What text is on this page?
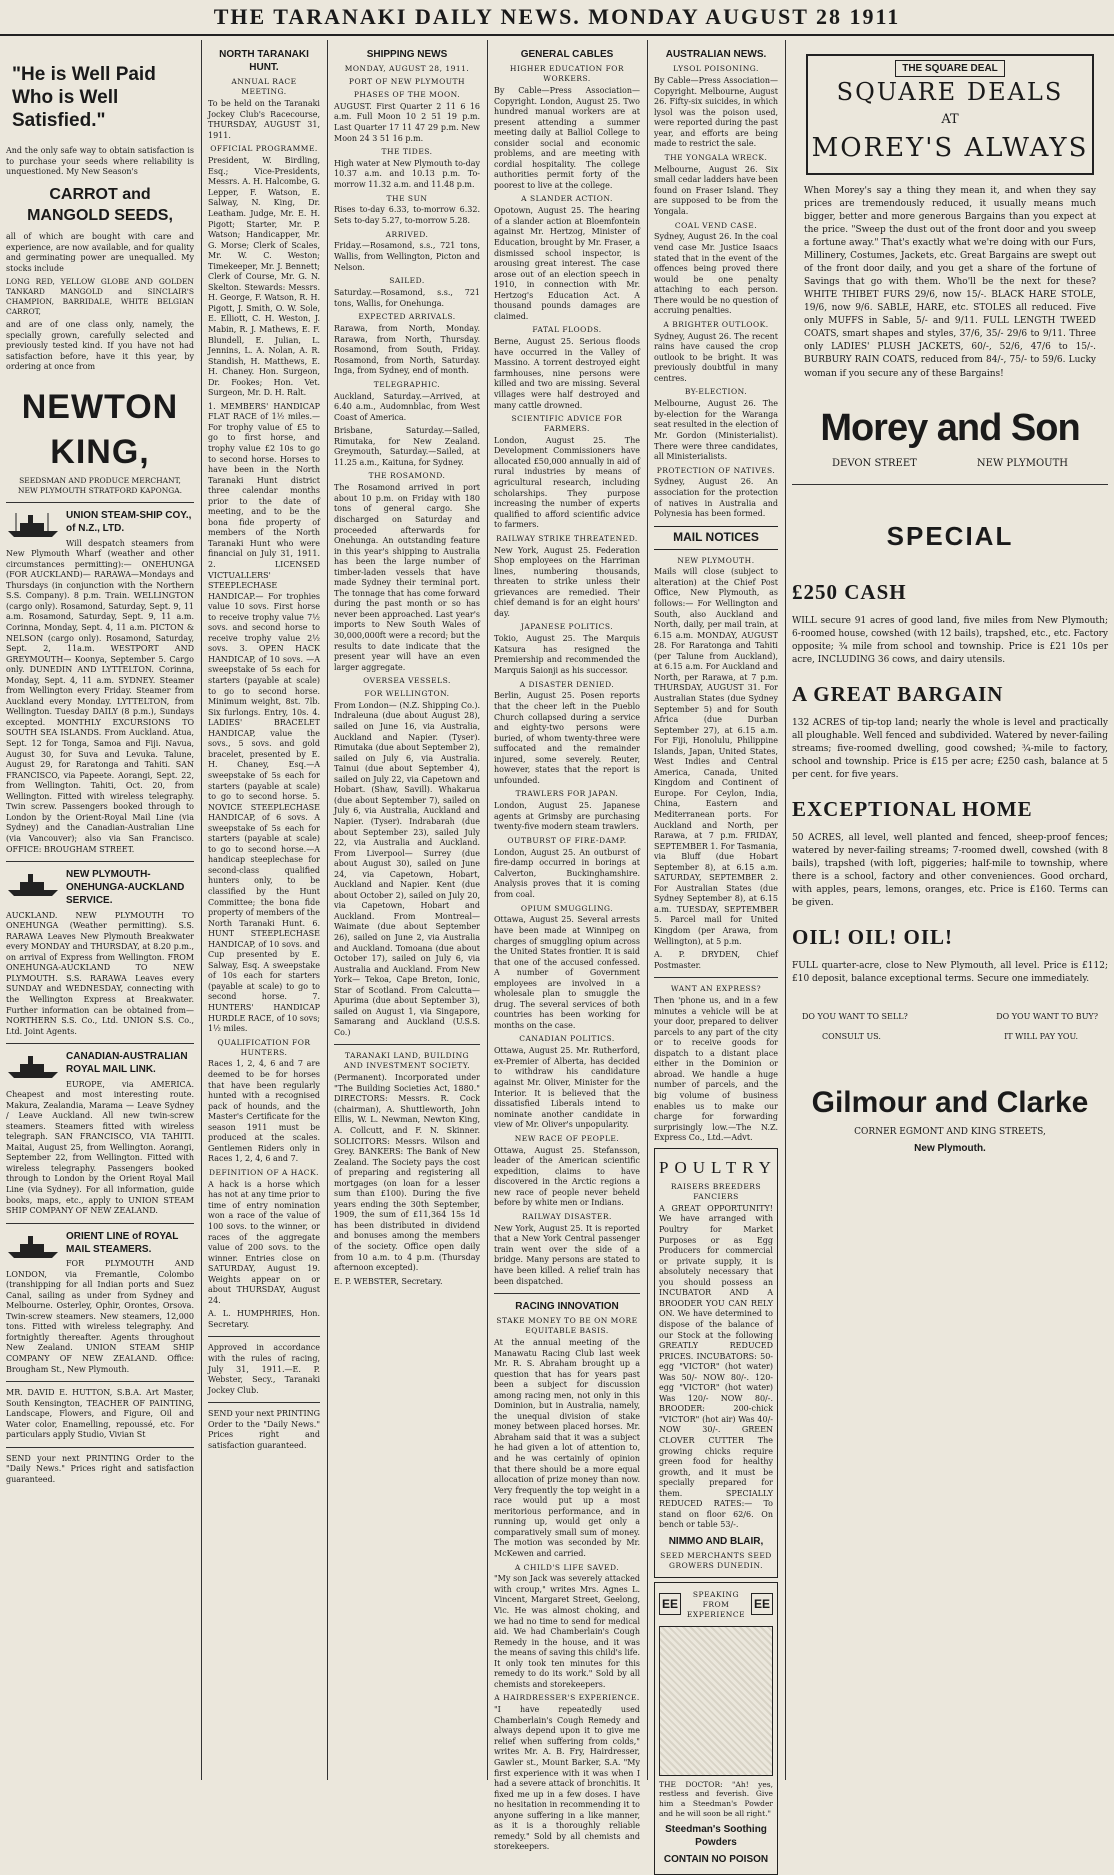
THE TARANAKI DAILY NEWS. MONDAY AUGUST 28 1911
"He is Well Paid Who is Well Satisfied."

And the only safe way to obtain satisfaction is to purchase your seeds where reliability is unquestioned. My New Season's

CARROT and MANGOLD SEEDS,

all of which are bought with care and experience, are now available, and for quality and germinating power are unequalled. My stocks include

LONG RED, YELLOW GLOBE AND GOLDEN TANKARD MANGOLD and SINCLAIR'S CHAMPION, BARRIDALE, WHITE BELGIAN CARROT,

and are of one class only, namely, the specially grown, carefully selected and previously tested kind. If you have not had satisfaction before, have it this year, by ordering at once from

NEWTON KING,
SEEDSMAN AND PRODUCE MERCHANT,
NEW PLYMOUTH STRATFORD KAPONGA.
UNION STEAM-SHIP COY., of N.Z., LTD.

Will despatch steamers from New Plymouth Wharf (weather and other circumstances permitting):— ONEHUNGA (FOR AUCKLAND)— RARAWA—Mondays and Thursdays (in conjunction with the Northern S.S. Company). 8 p.m. Train. WELLINGTON (cargo only). Rosamond, Saturday, Sept. 9, 11 a.m. Rosamond, Saturday, Sept. 9, 11 a.m. Corinna, Monday, Sept. 4, 11 a.m. PICTON & NELSON (cargo only). Rosamond, Saturday, Sept. 2, 11a.m. WESTPORT AND GREYMOUTH— Koonya, September 5. Cargo only. DUNEDIN AND LYTTELTON. Corinna, Monday, Sept. 4, 11 a.m. SYDNEY. Steamer from Wellington every Friday. Steamer from Auckland every Monday. LYTTELTON, from Wellington. Tuesday DAILY (8 p.m.), Sundays excepted. MONTHLY EXCURSIONS TO SOUTH SEA ISLANDS. From Auckland. Atua, Sept. 12 for Tonga, Samoa and Fiji. Navua, August 30, for Suva and Levuka. Talune, August 29, for Raratonga and Tahiti. SAN FRANCISCO, via Papeete. Aorangi, Sept. 22, from Wellington. Tahiti, Oct. 20, from Wellington. Fitted with wireless telegraphy. Twin screw. Passengers booked through to London by the Orient-Royal Mail Line (via Sydney) and the Canadian-Australian Line (via Vancouver); also via San Francisco. OFFICE: BROUGHAM STREET.

NEW PLYMOUTH-ONEHUNGA-AUCKLAND SERVICE.

AUCKLAND. NEW PLYMOUTH TO ONEHUNGA (Weather permitting). S.S. RARAWA Leaves New Plymouth Breakwater every MONDAY and THURSDAY, at 8.20 p.m., on arrival of Express from Wellington. FROM ONEHUNGA-AUCKLAND TO NEW PLYMOUTH. S.S. RARAWA Leaves every SUNDAY and WEDNESDAY, connecting with the Wellington Express at Breakwater. Further information can be obtained from— NORTHERN S.S. Co., Ltd. UNION S.S. Co., Ltd. Joint Agents.

CANADIAN-AUSTRALIAN ROYAL MAIL LINK.

EUROPE, via AMERICA. Cheapest and most interesting route. Makura, Zealandia, Marama — Leave Sydney / Leave Auckland. All new twin-screw steamers. Steamers fitted with wireless telegraph. SAN FRANCISCO, VIA TAHITI. Maitai, August 25, from Wellington. Aorangi, September 22, from Wellington. Fitted with wireless telegraphy. Passengers booked through to London by the Orient Royal Mail Line (via Sydney). For all information, guide books, maps, etc., apply to UNION STEAM SHIP COMPANY OF NEW ZEALAND.

ORIENT LINE of ROYAL MAIL STEAMERS.

FOR PLYMOUTH AND LONDON, via Fremantle, Colombo (transhipping for all Indian ports and Suez Canal, sailing as under from Sydney and Melbourne. Osterley, Ophir, Orontes, Orsova. Twin-screw steamers. New steamers, 12,000 tons. Fitted with wireless telegraphy. And fortnightly thereafter. Agents throughout New Zealand. UNION STEAM SHIP COMPANY OF NEW ZEALAND. Office: Brougham St., New Plymouth.

MR. DAVID E. HUTTON, S.B.A. Art Master, South Kensington, TEACHER OF PAINTING, Landscape, Flowers, and Figure, Oil and Water color, Enamelling, repoussé, etc. For particulars apply Studio, Vivian St

SEND your next PRINTING Order to the "Daily News." Prices right and satisfaction guaranteed.

NORTH TARANAKI HUNT.
ANNUAL RACE MEETING.

To be held on the Taranaki Jockey Club's Racecourse, THURSDAY, AUGUST 31, 1911.

OFFICIAL PROGRAMME.

President, W. Birdling, Esq.; Vice-Presidents, Messrs. A. H. Halcombe, G. Lepper, F. Watson, E. Salway, N. King, Dr. Leatham. Judge, Mr. E. H. Pigott; Starter, Mr. P. Watson; Handicapper, Mr. G. Morse; Clerk of Scales, Mr. W. C. Weston; Timekeeper, Mr. J. Bennett; Clerk of Course, Mr. G. N. Skelton. Stewards: Messrs. H. George, F. Watson, R. H. Pigott, J. Smith, O. W. Sole, E. Elliott, C. H. Weston, J. Mabin, R. J. Mathews, E. F. Blundell, E. Julian, L. Jennins, L. A. Nolan, A. R. Standish, H. Matthews, E. H. Chaney. Hon. Surgeon, Dr. Fookes; Hon. Vet. Surgeon, Mr. D. H. Ralt.

1. MEMBERS' HANDICAP FLAT RACE of 1½ miles.— For trophy value of £5 to go to first horse, and trophy value £2 10s to go to second horse. Horses to have been in the North Taranaki Hunt district three calendar months prior to the date of meeting, and to be the bona fide property of members of the North Taranaki Hunt who were financial on July 31, 1911. 2. LICENSED VICTUALLERS' STEEPLECHASE HANDICAP.— For trophies value 10 sovs. First horse to receive trophy value 7½ sovs. and second horse to receive trophy value 2½ sovs. 3. OPEN HACK HANDICAP, of 10 sovs. —A sweepstake of 5s each for starters (payable at scale) to go to second horse. Minimum weight, 8st. 7lb. Six furlongs. Entry, 10s. 4. LADIES' BRACELET HANDICAP, value the sovs., 5 sovs. and gold bracelet, presented by E. H. Chaney, Esq.—A sweepstake of 5s each for starters (payable at scale) to go to second horse. 5. NOVICE STEEPLECHASE HANDICAP, of 6 sovs. A sweepstake of 5s each for starters (payable at scale) to go to second horse.—A handicap steeplechase for second-class qualified hunters only, to be classified by the Hunt Committee; the bona fide property of members of the North Taranaki Hunt. 6. HUNT STEEPLECHASE HANDICAP, of 10 sovs. and Cup presented by E. Salway, Esq. A sweepstake of 10s each for starters (payable at scale) to go to second horse. 7. HUNTERS' HANDICAP HURDLE RACE, of 10 sovs; 1½ miles.

QUALIFICATION FOR HUNTERS.

Races 1, 2, 4, 6 and 7 are deemed to be for horses that have been regularly hunted with a recognised pack of hounds, and the Master's Certificate for the season 1911 must be produced at the scales. Gentlemen Riders only in Races 1, 2, 4, 6 and 7.

DEFINITION OF A HACK.

A hack is a horse which has not at any time prior to time of entry nomination won a race of the value of 100 sovs. to the winner, or races of the aggregate value of 200 sovs. to the winner. Entries close on SATURDAY, August 19. Weights appear on or about THURSDAY, August 24.

A. L. HUMPHRIES, Hon. Secretary.

Approved in accordance with the rules of racing, July 31, 1911.—E. P. Webster, Secy., Taranaki Jockey Club.

SEND your next PRINTING Order to the "Daily News." Prices right and satisfaction guaranteed.

SHIPPING NEWS
MONDAY, AUGUST 28, 1911.
PORT OF NEW PLYMOUTH
PHASES OF THE MOON.

AUGUST. First Quarter 2 11 6 16 a.m. Full Moon 10 2 51 19 p.m. Last Quarter 17 11 47 29 p.m. New Moon 24 3 51 16 p.m.

THE TIDES.

High water at New Plymouth to-day 10.37 a.m. and 10.13 p.m. To-morrow 11.32 a.m. and 11.48 p.m.

THE SUN

Rises to-day 6.33, to-morrow 6.32. Sets to-day 5.27, to-morrow 5.28.

ARRIVED.

Friday.—Rosamond, s.s., 721 tons, Wallis, from Wellington, Picton and Nelson.

SAILED.

Saturday.—Rosamond, s.s., 721 tons, Wallis, for Onehunga.

EXPECTED ARRIVALS.

Rarawa, from North, Monday. Rarawa, from North, Thursday. Rosamond, from South, Friday. Rosamond, from North, Saturday. Inga, from Sydney, end of month.

TELEGRAPHIC.

Auckland, Saturday.—Arrived, at 6.40 a.m., Audomnblac, from West Coast of America.

Brisbane, Saturday.—Sailed, Rimutaka, for New Zealand. Greymouth, Saturday.—Sailed, at 11.25 a.m., Kaituna, for Sydney.

THE ROSAMOND.

The Rosamond arrived in port about 10 p.m. on Friday with 180 tons of general cargo. She discharged on Saturday and proceeded afterwards for Onehunga. An outstanding feature in this year's shipping to Australia has been the large number of timber-laden vessels that have made Sydney their terminal port. The tonnage that has come forward during the past month or so has never been approached. Last year's imports to New South Wales of 30,000,000ft were a record; but the results to date indicate that the present year will have an even larger aggregate.

OVERSEA VESSELS.
FOR WELLINGTON.

From London— (N.Z. Shipping Co.). Indraleuna (due about August 28), sailed on June 16, via Australia, Auckland and Napier. (Tyser). Rimutaka (due about September 2), sailed on July 6, via Australia. Tainui (due about September 4), sailed on July 22, via Capetown and Hobart. (Shaw, Savill). Whakarua (due about September 7), sailed on July 6, via Australia, Auckland and Napier. (Tyser). Indrabarah (due about September 23), sailed July 22, via Australia and Auckland. From Liverpool— Surrey (due about August 30), sailed on June 24, via Capetown, Hobart, Auckland and Napier. Kent (due about October 2), sailed on July 20, via Capetown, Hobart and Auckland. From Montreal— Waimate (due about September 26), sailed on June 2, via Australia and Auckland. Tomoana (due about October 17), sailed on July 6, via Australia and Auckland. From New York— Tekoa, Cape Breton, Ionic, Star of Scotland. From Calcutta— Apurima (due about September 3), sailed on August 1, via Singapore, Samarang and Auckland (U.S.S. Co.)

TARANAKI LAND, BUILDING AND INVESTMENT SOCIETY.

(Permanent). Incorporated under "The Building Societies Act, 1880." DIRECTORS: Messrs. R. Cock (chairman), A. Shuttleworth, John Ellis, W. L. Newman, Newton King, A. Collcutt, and F. N. Skinner. SOLICITORS: Messrs. Wilson and Grey. BANKERS: The Bank of New Zealand. The Society pays the cost of preparing and registering all mortgages (on loan for a lesser sum than £100). During the five years ending the 30th September, 1909, the sum of £11,364 15s 1d has been distributed in dividend and bonuses among the members of the society. Office open daily from 10 a.m. to 4 p.m. (Thursday afternoon excepted).

E. P. WEBSTER, Secretary.

GENERAL CABLES
HIGHER EDUCATION FOR WORKERS.

By Cable—Press Association—Copyright. London, August 25. Two hundred manual workers are at present attending a summer meeting daily at Balliol College to consider social and economic problems, and are meeting with cordial hospitality. The college authorities permit forty of the poorest to live at the college.

A SLANDER ACTION.

Opotown, August 25. The hearing of a slander action at Bloemfontein against Mr. Hertzog, Minister of Education, brought by Mr. Fraser, a dismissed school inspector, is arousing great interest. The case arose out of an election speech in 1910, in connection with Mr. Hertzog's Education Act. A thousand pounds damages are claimed.

FATAL FLOODS.

Berne, August 25. Serious floods have occurred in the Valley of Massino. A torrent destroyed eight farmhouses, nine persons were killed and two are missing. Several villages were half destroyed and many cattle drowned.

SCIENTIFIC ADVICE FOR FARMERS.

London, August 25. The Development Commissioners have allocated £50,000 annually in aid of rural industries by means of agricultural research, including scholarships. They purpose increasing the number of experts qualified to afford scientific advice to farmers.

RAILWAY STRIKE THREATENED.

New York, August 25. Federation Shop employees on the Harriman lines, numbering thousands, threaten to strike unless their grievances are remedied. Their chief demand is for an eight hours' day.

JAPANESE POLITICS.

Tokio, August 25. The Marquis Katsura has resigned the Premiership and recommended the Marquis Saionji as his successor.

A DISASTER DENIED.

Berlin, August 25. Posen reports that the cheer left in the Pueblo Church collapsed during a service and eighty-two persons were buried, of whom twenty-three were suffocated and the remainder injured, some severely. Reuter, however, states that the report is unfounded.

TRAWLERS FOR JAPAN.

London, August 25. Japanese agents at Grimsby are purchasing twenty-five modern steam trawlers.

OUTBURST OF FIRE-DAMP.

London, August 25. An outburst of fire-damp occurred in borings at Calverton, Buckinghamshire. Analysis proves that it is coming from coal.

OPIUM SMUGGLING.

Ottawa, August 25. Several arrests have been made at Winnipeg on charges of smuggling opium across the United States frontier. It is said that one of the accused confessed. A number of Government employees are involved in a wholesale plan to smuggle the drug. The several services of both countries has been working for months on the case.

CANADIAN POLITICS.

Ottawa, August 25. Mr. Rutherford, ex-Premier of Alberta, has decided to withdraw his candidature against Mr. Oliver, Minister for the Interior. It is believed that the dissatisfied Liberals intend to nominate another candidate in view of Mr. Oliver's unpopularity.

NEW RACE OF PEOPLE.

Ottawa, August 25. Stefansson, leader of the American scientific expedition, claims to have discovered in the Arctic regions a new race of people never beheld before by white men or Indians.

RAILWAY DISASTER.

New York, August 25. It is reported that a New York Central passenger train went over the side of a bridge. Many persons are stated to have been killed. A relief train has been dispatched.

RACING INNOVATION
STAKE MONEY TO BE ON MORE EQUITABLE BASIS.

At the annual meeting of the Manawatu Racing Club last week Mr. R. S. Abraham brought up a question that has for years past been a subject for discussion among racing men, not only in this Dominion, but in Australia, namely, the unequal division of stake money between placed horses. Mr. Abraham said that it was a subject he had given a lot of attention to, and he was certainly of opinion that there should be a more equal allocation of prize money than now. Very frequently the top weight in a race would put up a most meritorious performance, and in running up, would get only a comparatively small sum of money. The motion was seconded by Mr. McKewen and carried.

A CHILD'S LIFE SAVED.

"My son Jack was severely attacked with croup," writes Mrs. Agnes L. Vincent, Margaret Street, Geelong, Vic. He was almost choking, and we had no time to send for medical aid. We had Chamberlain's Cough Remedy in the house, and it was the means of saving this child's life. It only took ten minutes for this remedy to do its work." Sold by all chemists and storekeepers.

A HAIRDRESSER'S EXPERIENCE.

"I have repeatedly used Chamberlain's Cough Remedy and always depend upon it to give me relief when suffering from colds," writes Mr. A. B. Fry, Hairdresser, Gawler st., Mount Barker, S.A. "My first experience with it was when I had a severe attack of bronchitis. It fixed me up in a few doses. I have no hesitation in recommending it to anyone suffering in a like manner, as it is a thoroughly reliable remedy." Sold by all chemists and storekeepers.

AUSTRALIAN NEWS.
LYSOL POISONING.

By Cable—Press Association—Copyright. Melbourne, August 26. Fifty-six suicides, in which lysol was the poison used, were reported during the past year, and efforts are being made to restrict the sale.

THE YONGALA WRECK.

Melbourne, August 26. Six small cedar ladders have been found on Fraser Island. They are supposed to be from the Yongala.

COAL VEND CASE.

Sydney, August 26. In the coal vend case Mr. Justice Isaacs stated that in the event of the offences being proved there would be one penalty attaching to each person. There would be no question of accruing penalties.

A BRIGHTER OUTLOOK.

Sydney, August 26. The recent rains have caused the crop outlook to be bright. It was previously doubtful in many centres.

BY-ELECTION.

Melbourne, August 26. The by-election for the Waranga seat resulted in the election of Mr. Gordon (Ministerialist). There were three candidates, all Ministerialists.

PROTECTION OF NATIVES.

Sydney, August 26. An association for the protection of natives in Australia and Polynesia has been formed.

MAIL NOTICES
NEW PLYMOUTH.

Mails will close (subject to alteration) at the Chief Post Office, New Plymouth, as follows:— For Wellington and South, also Auckland and North, daily, per mail train, at 6.15 a.m. MONDAY, AUGUST 28. For Raratonga and Tahiti (per Talune from Auckland), at 6.15 a.m. For Auckland and North, per Rarawa, at 7 p.m. THURSDAY, AUGUST 31. For Australian States (due Sydney September 5) and for South Africa (due Durban September 27), at 6.15 a.m. For Fiji, Honolulu, Philippine Islands, Japan, United States, West Indies and Central America, Canada, United Kingdom and Continent of Europe. For Ceylon, India, China, Eastern and Mediterranean ports. For Auckland and North, per Rarawa, at 7 p.m. FRIDAY, SEPTEMBER 1. For Tasmania, via Bluff (due Hobart September 8), at 6.15 a.m. SATURDAY, SEPTEMBER 2. For Australian States (due Sydney September 8), at 6.15 a.m. TUESDAY, SEPTEMBER 5. Parcel mail for United Kingdom (per Arawa, from Wellington), at 5 p.m.

A. P. DRYDEN, Chief Postmaster.

WANT AN EXPRESS?

Then 'phone us, and in a few minutes a vehicle will be at your door, prepared to deliver parcels to any part of the city or to receive goods for dispatch to a distant place either in the Dominion or abroad. We handle a huge number of parcels, and the big volume of business enables us to make our charge for forwarding surprisingly low.—The N.Z. Express Co., Ltd.—Advt.

POULTRY
RAISERS BREEDERS FANCIERS

A GREAT OPPORTUNITY! We have arranged with Poultry for Market Purposes or as Egg Producers for commercial or private supply, it is absolutely necessary that you should possess an INCUBATOR AND A BROODER YOU CAN RELY ON. We have determined to dispose of the balance of our Stock at the following GREATLY REDUCED PRICES. INCUBATORS: 50-egg "VICTOR" (hot water) Was 50/- NOW 80/-. 120-egg "VICTOR" (hot water) Was 120/- NOW 80/-. BROODER: 200-chick "VICTOR" (hot air) Was 40/- NOW 30/-. GREEN CLOVER CUTTER The growing chicks require green food for healthy growth, and it must be specially prepared for them. SPECIALLY REDUCED RATES:— To stand on floor 62/6. On bench or table 53/-.

NIMMO AND BLAIR,
SEED MERCHANTS SEED GROWERS DUNEDIN.
EE
SPEAKING FROM EXPERIENCE
EE

THE DOCTOR: "Ah! yes, restless and feverish. Give him a Steedman's Powder and he will soon be all right."

Steedman's Soothing Powders
CONTAIN NO POISON
THE SQUARE DEAL
SQUARE DEALS
AT
MOREY'S ALWAYS

When Morey's say a thing they mean it, and when they say prices are tremendously reduced, it usually means much bigger, better and more generous Bargains than you expect at the price. "Sweep the dust out of the front door and you sweep a fortune away." That's exactly what we're doing with our Furs, Millinery, Costumes, Jackets, etc. Great Bargains are swept out of the front door daily, and you get a share of the fortune of Savings that go with them. Who'll be the next for these? WHITE THIBET FURS 29/6, now 15/-. BLACK HARE STOLE, 19/6, now 9/6. SABLE, HARE, etc. STOLES all reduced. Five only MUFFS in Sable, 5/- and 9/11. FULL LENGTH TWEED COATS, smart shapes and styles, 37/6, 35/- 29/6 to 9/11. Three only LADIES' PLUSH JACKETS, 60/-, 52/6, 47/6 to 15/-. BURBURY RAIN COATS, reduced from 84/-, 75/- to 59/6. Lucky woman if you secure any of these Bargains!

Morey and Son
DEVON STREET	NEW PLYMOUTH
SPECIAL
£250 CASH

WILL secure 91 acres of good land, five miles from New Plymouth; 6-roomed house, cowshed (with 12 bails), trapshed, etc., etc. Factory opposite; ¾ mile from school and township. Price is £21 10s per acre, INCLUDING 36 cows, and dairy utensils.

A GREAT BARGAIN

132 ACRES of tip-top land; nearly the whole is level and practically all ploughable. Well fenced and subdivided. Watered by never-failing streams; five-roomed dwelling, good cowshed; ¾-mile to factory, school and township. Price is £15 per acre; £250 cash, balance at 5 per cent. for five years.

EXCEPTIONAL HOME

50 ACRES, all level, well planted and fenced, sheep-proof fences; watered by never-failing streams; 7-roomed dwell, cowshed (with 8 bails), trapshed (with loft, piggeries; half-mile to township, where there is a school, factory and other conveniences. Good orchard, with apples, pears, lemons, oranges, etc. Price is £160. Terms can be given.

OIL! OIL! OIL!

FULL quarter-acre, close to New Plymouth, all level. Price is £112; £10 deposit, balance exceptional terms. Secure one immediately.

DO YOU WANT TO SELL?	DO YOU WANT TO BUY?
CONSULT US.	IT WILL PAY YOU.
Gilmour and Clarke
CORNER EGMONT AND KING STREETS,
New Plymouth.
